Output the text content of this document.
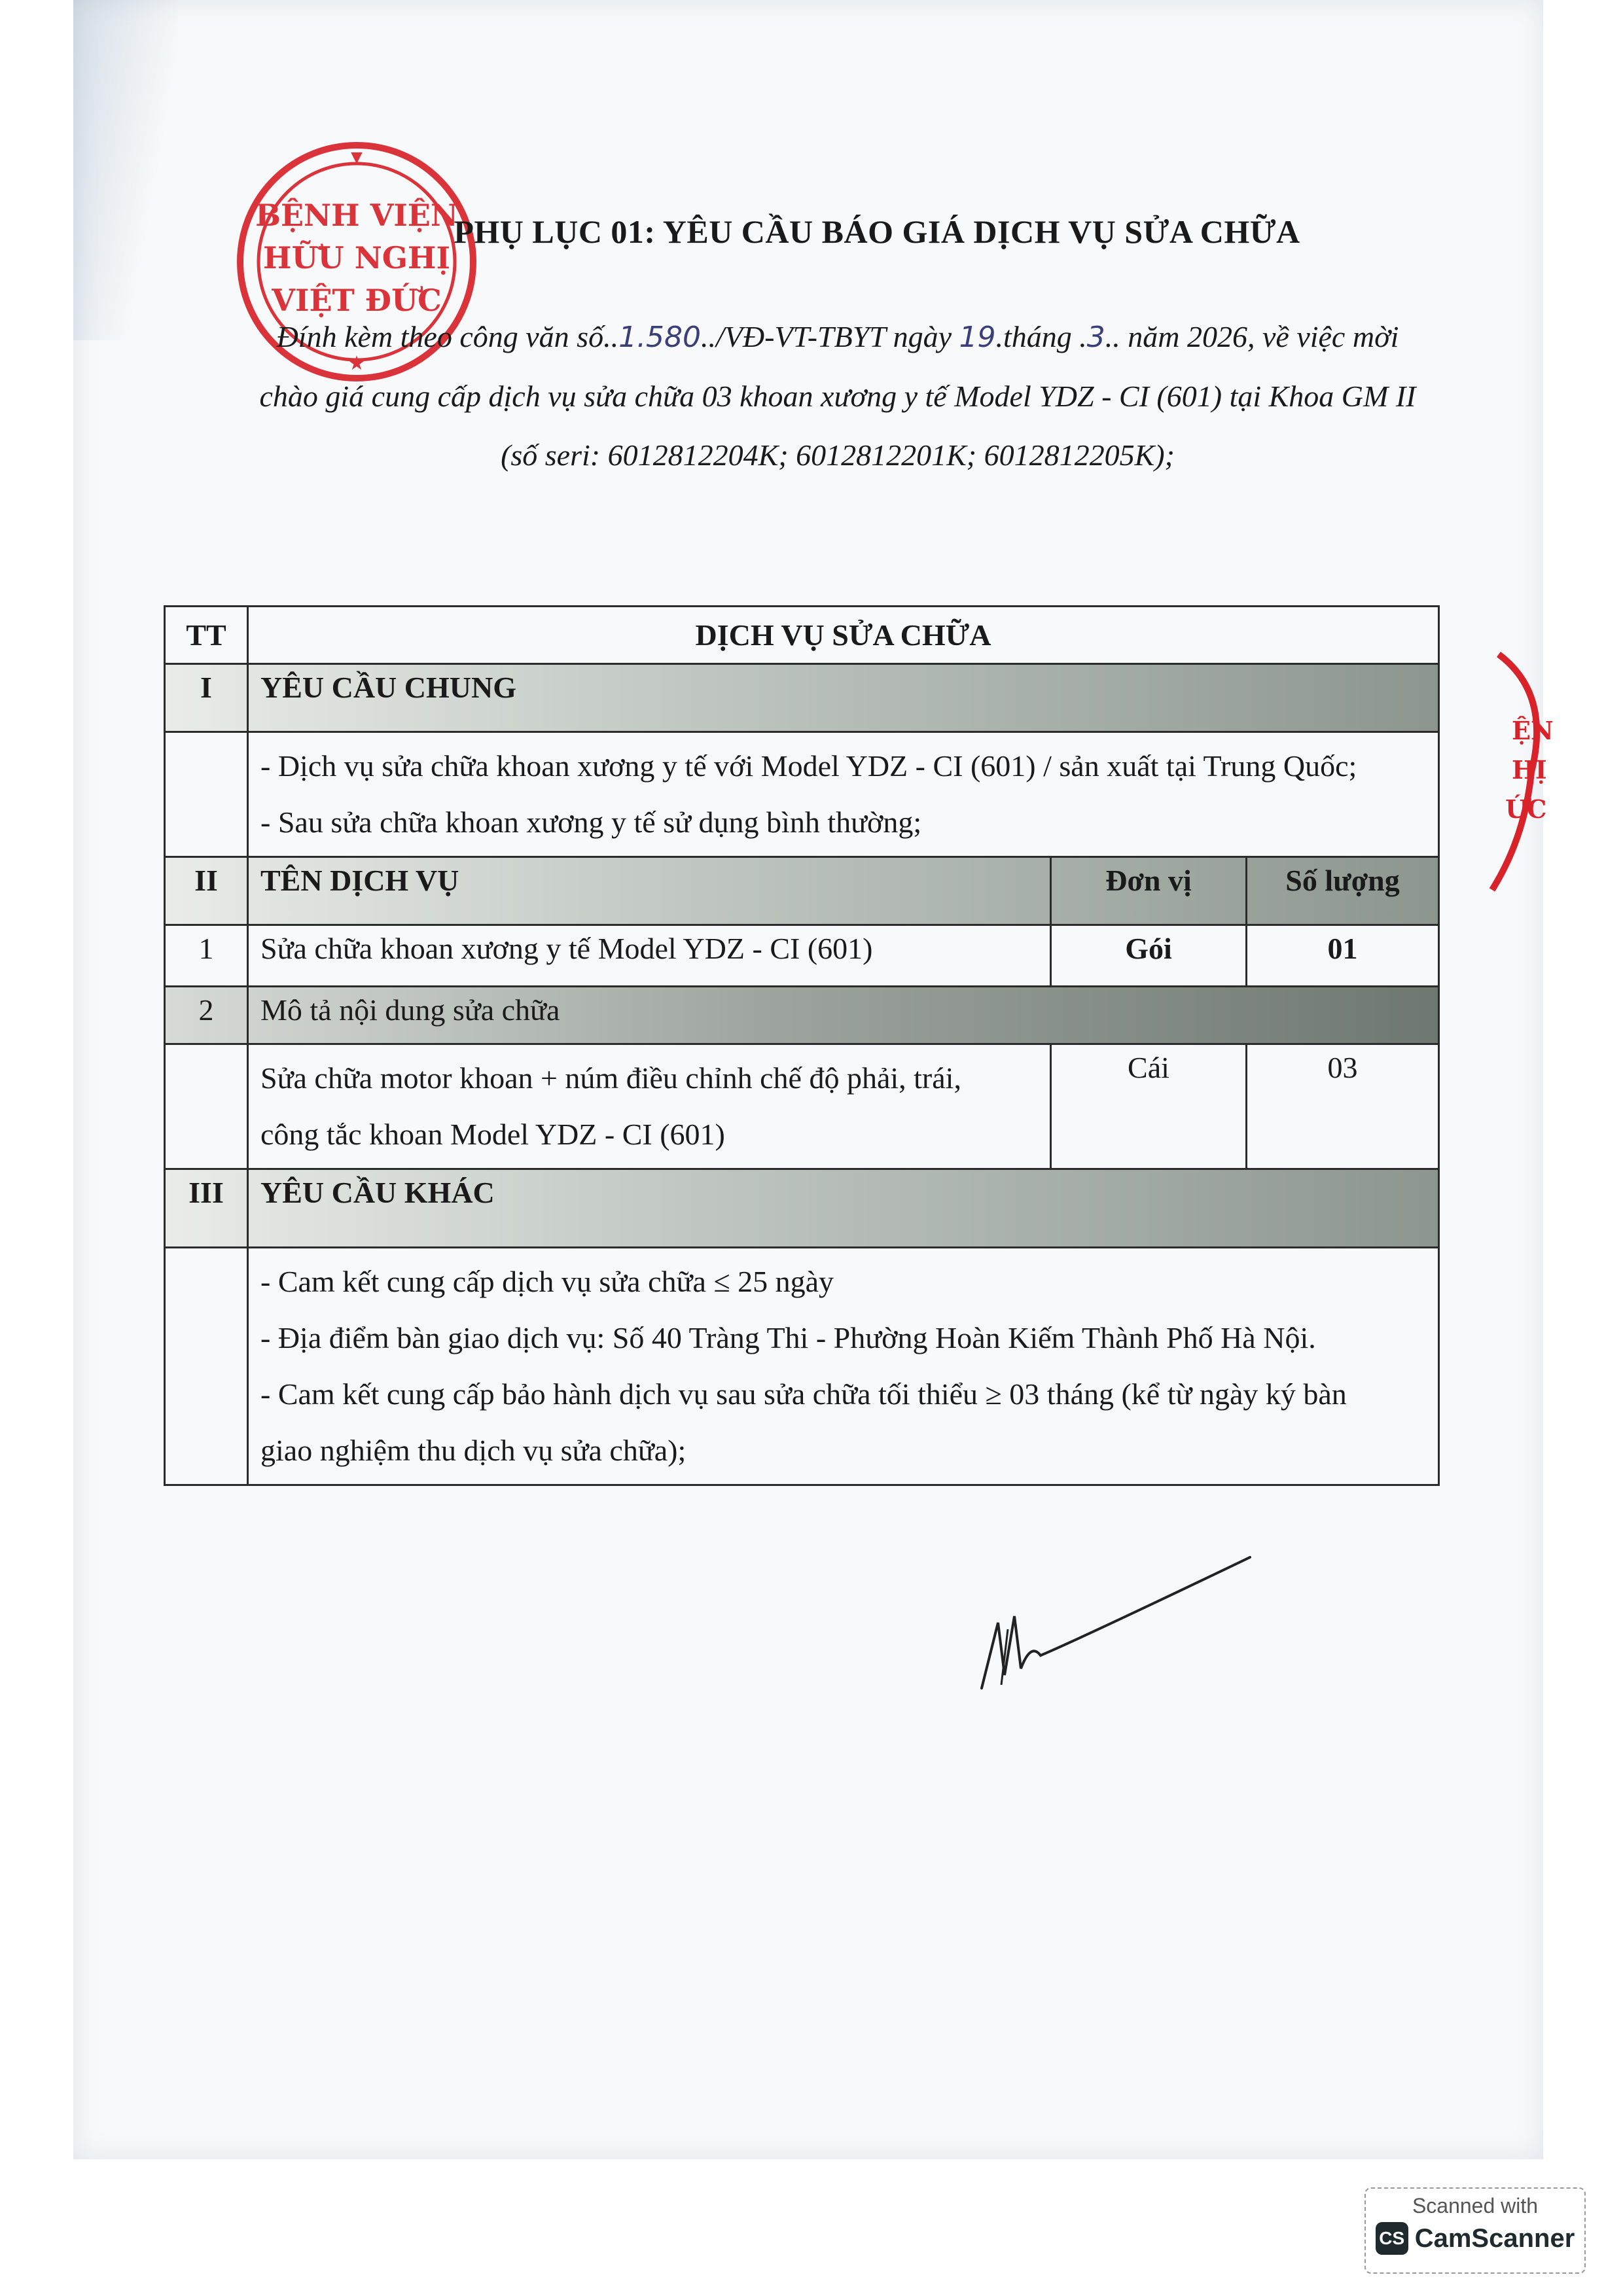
BỆNH VIỆN
HỮU NGHỊ
VIỆT ĐỨC
▼
★
ỆN
HỊ
ỨC
PHỤ LỤC 01: YÊU CẦU BÁO GIÁ DỊCH VỤ SỬA CHỮA
Đính kèm theo công văn số..1.580../VĐ-VT-TBYT ngày 19.tháng .3.. năm 2026, về việc mời chào giá cung cấp dịch vụ sửa chữa 03 khoan xương y tế Model YDZ - CI (601) tại Khoa GM II (số seri: 6012812204K; 6012812201K; 6012812205K);
TT	DỊCH VỤ SỬA CHỮA		
I	YÊU CẦU CHUNG		

	- Dịch vụ sửa chữa khoan xương y tế với Model YDZ - CI (601) / sản xuất tại Trung Quốc;
- Sau sửa chữa khoan xương y tế sử dụng bình thường;		

II	TÊN DỊCH VỤ	Đơn vị	Số lượng
1	Sửa chữa khoan xương y tế Model YDZ - CI (601)	Gói	01
2	Mô tả nội dung sửa chữa		

	Sửa chữa motor khoan + núm điều chỉnh chế độ phải, trái,
công tắc khoan Model YDZ - CI (601)	Cái	03
III	YÊU CẦU KHÁC		

	- Cam kết cung cấp dịch vụ sửa chữa ≤ 25 ngày
- Địa điểm bàn giao dịch vụ: Số 40 Tràng Thi - Phường Hoàn Kiếm Thành Phố Hà Nội.
- Cam kết cung cấp bảo hành dịch vụ sau sửa chữa tối thiểu ≥ 03 tháng (kể từ ngày ký bàn
giao nghiệm thu dịch vụ sửa chữa);		
Scanned with
CS CamScanner
